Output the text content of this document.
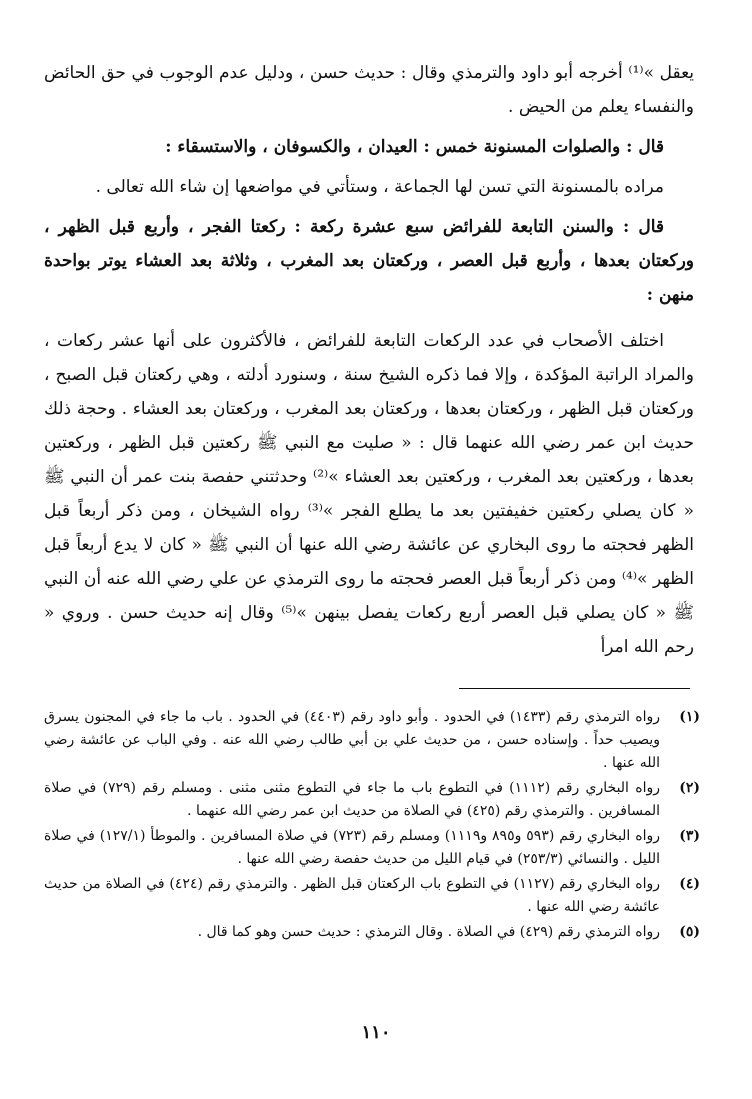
يعقل »⁽¹⁾ أخرجه أبو داود والترمذي وقال : حديث حسن ، ودليل عدم الوجوب في حق الحائض والنفساء يعلم من الحيض .

قال : والصلوات المسنونة خمس : العيدان ، والكسوفان ، والاستسقاء :

مراده بالمسنونة التي تسن لها الجماعة ، وستأتي في مواضعها إن شاء الله تعالى .

قال : والسنن التابعة للفرائض سبع عشرة ركعة : ركعتا الفجر ، وأربع قبل الظهر ، وركعتان بعدها ، وأربع قبل العصر ، وركعتان بعد المغرب ، وثلاثة بعد العشاء يوتر بواحدة منهن :

اختلف الأصحاب في عدد الركعات التابعة للفرائض ، فالأكثرون على أنها عشر ركعات ، والمراد الراتبة المؤكدة ، وإلا فما ذكره الشيخ سنة ، وسنورد أدلته ، وهي ركعتان قبل الصبح ، وركعتان قبل الظهر ، وركعتان بعدها ، وركعتان بعد المغرب ، وركعتان بعد العشاء . وحجة ذلك حديث ابن عمر رضي الله عنهما قال : « صليت مع النبي ﷺ ركعتين قبل الظهر ، وركعتين بعدها ، وركعتين بعد المغرب ، وركعتين بعد العشاء »⁽²⁾ وحدثتني حفصة بنت عمر أن النبي ﷺ « كان يصلي ركعتين خفيفتين بعد ما يطلع الفجر »⁽³⁾ رواه الشيخان ، ومن ذكر أربعاً قبل الظهر فحجته ما روى البخاري عن عائشة رضي الله عنها أن النبي ﷺ « كان لا يدع أربعاً قبل الظهر »⁽⁴⁾ ومن ذكر أربعاً قبل العصر فحجته ما روى الترمذي عن علي رضي الله عنه أن النبي ﷺ « كان يصلي قبل العصر أربع ركعات يفصل بينهن »⁽⁵⁾ وقال إنه حديث حسن . وروي « رحم الله امرأ

(١)
رواه الترمذي رقم (١٤٣٣) في الحدود . وأبو داود رقم (٤٤٠٣) في الحدود . باب ما جاء في المجنون يسرق ويصيب حداً . وإسناده حسن ، من حديث علي بن أبي طالب رضي الله عنه . وفي الباب عن عائشة رضي الله عنها .
(٢)
رواه البخاري رقم (١١١٢) في التطوع باب ما جاء في التطوع مثنى مثنى . ومسلم رقم (٧٢٩) في صلاة المسافرين . والترمذي رقم (٤٢٥) في الصلاة من حديث ابن عمر رضي الله عنهما .
(٣)
رواه البخاري رقم (٥٩٣ و٨٩٥ و١١١٩) ومسلم رقم (٧٢٣) في صلاة المسافرين . والموطأ (١٢٧/١) في صلاة الليل . والنسائي (٢٥٣/٣) في قيام الليل من حديث حفصة رضي الله عنها .
(٤)
رواه البخاري رقم (١١٢٧) في التطوع باب الركعتان قبل الظهر . والترمذي رقم (٤٢٤) في الصلاة من حديث عائشة رضي الله عنها .
(٥)
رواه الترمذي رقم (٤٢٩) في الصلاة . وقال الترمذي : حديث حسن وهو كما قال .
١١٠
